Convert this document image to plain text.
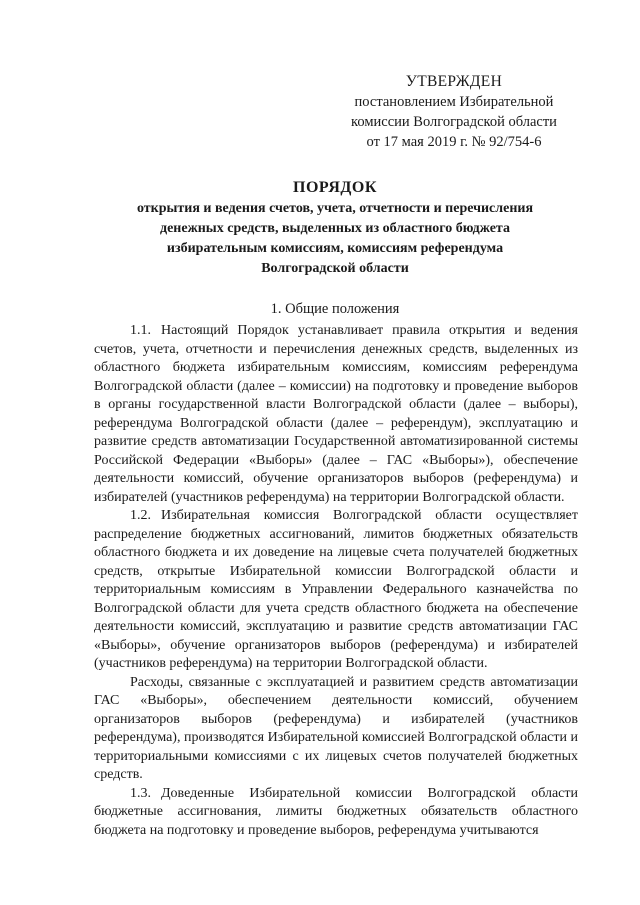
УТВЕРЖДЕН
постановлением Избирательной
комиссии Волгоградской области
от 17 мая 2019 г. № 92/754-6
ПОРЯДОК
открытия и ведения счетов, учета, отчетности и перечисления
денежных средств, выделенных из областного бюджета
избирательным комиссиям, комиссиям референдума
Волгоградской области
1. Общие положения

1.1. Настоящий Порядок устанавливает правила открытия и ведения счетов, учета, отчетности и перечисления денежных средств, выделенных из областного бюджета избирательным комиссиям, комиссиям референдума Волгоградской области (далее – комиссии) на подготовку и проведение выборов в органы государственной власти Волгоградской области (далее – выборы), референдума Волгоградской области (далее – референдум), эксплуатацию и развитие средств автоматизации Государственной автоматизированной системы Российской Федерации «Выборы» (далее – ГАС «Выборы»), обеспечение деятельности комиссий, обучение организаторов выборов (референдума) и избирателей (участников референдума) на территории Волгоградской области.

1.2. Избирательная комиссия Волгоградской области осуществляет распределение бюджетных ассигнований, лимитов бюджетных обязательств областного бюджета и их доведение на лицевые счета получателей бюджетных средств, открытые Избирательной комиссии Волгоградской области и территориальным комиссиям в Управлении Федерального казначейства по Волгоградской области для учета средств областного бюджета на обеспечение деятельности комиссий, эксплуатацию и развитие средств автоматизации ГАС «Выборы», обучение организаторов выборов (референдума) и избирателей (участников референдума) на территории Волгоградской области.

Расходы, связанные с эксплуатацией и развитием средств автоматизации ГАС «Выборы», обеспечением деятельности комиссий, обучением организаторов выборов (референдума) и избирателей (участников референдума), производятся Избирательной комиссией Волгоградской области и территориальными комиссиями с их лицевых счетов получателей бюджетных средств.

1.3. Доведенные Избирательной комиссии Волгоградской области бюджетные ассигнования, лимиты бюджетных обязательств областного бюджета на подготовку и проведение выборов, референдума учитываются
